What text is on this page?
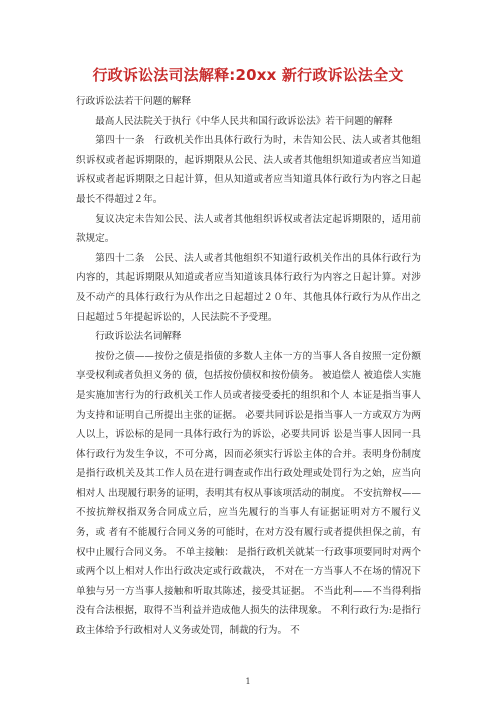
行政诉讼法司法解释:20xx 新行政诉讼法全文

行政诉讼法若干问题的解释

最高人民法院关于执行《中华人民共和国行政诉讼法》若干问题的解释

第四十一条　行政机关作出具体行政行为时，未告知公民、法人或者其他组织诉权或者起诉期限的，起诉期限从公民、法人或者其他组织知道或者应当知道诉权或者起诉期限之日起计算，但从知道或者应当知道具体行政行为内容之日起最长不得超过２年。

复议决定未告知公民、法人或者其他组织诉权或者法定起诉期限的，适用前款规定。

第四十二条　公民、法人或者其他组织不知道行政机关作出的具体行政行为内容的，其起诉期限从知道或者应当知道该具体行政行为内容之日起计算。对涉及不动产的具体行政行为从作出之日起超过２０年、其他具体行政行为从作出之日起超过５年提起诉讼的，人民法院不予受理。

行政诉讼法名词解释

按份之债——按份之债是指债的多数人主体一方的当事人各自按照一定份额享受权利或者负担义务的 债，包括按份债权和按份债务。 被追偿人 被追偿人实施是实施加害行为的行政机关工作人员或者接受委托的组织和个人 本证是指当事人为支持和证明自己所提出主张的证据。 必要共同诉讼是指当事人一方或双方为两人以上，诉讼标的是同一具体行政行为的诉讼，必要共同诉 讼是当事人因同一具体行政行为发生争议，不可分离，因而必须实行诉讼主体的合并。表明身份制度是指行政机关及其工作人员在进行调查或作出行政处理或处罚行为之始，应当向相对人 出现履行职务的证明，表明其有权从事该项活动的制度。 不安抗辩权——不按抗辩权指双务合同成立后，应当先履行的当事人有证据证明对方不履行义务，或 者有不能履行合同义务的可能时，在对方没有履行或者提供担保之前，有权中止履行合同义务。 不单主接触： 是指行政机关就某一行政事项要同时对两个或两个以上相对人作出行政决定或行政裁决， 不对在一方当事人不在场的情况下单独与另一方当事人接触和听取其陈述，接受其证据。 不当此利——不当得利指没有合法根据，取得不当利益并造成他人损失的法律现象。 不利行政行为:是指行政主体给予行政相对人义务或处罚，制裁的行为。 不

1
